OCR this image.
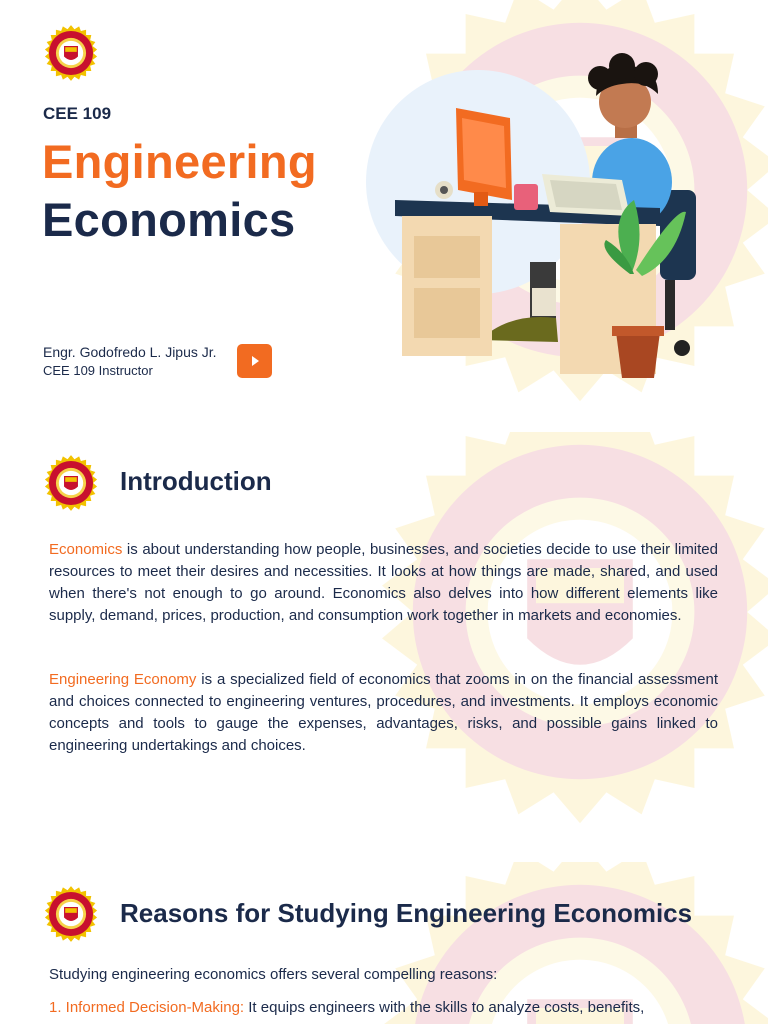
CEE 109

Engineering
Economics

Engr. Godofredo L. Jipus Jr.

CEE 109 Instructor

Introduction

Economics is about understanding how people, businesses, and societies decide to use their limited resources to meet their desires and necessities. It looks at how things are made, shared, and used when there's not enough to go around. Economics also delves into how different elements like supply, demand, prices, production, and consumption work together in markets and economies.

Engineering Economy is a specialized field of economics that zooms in on the financial assessment and choices connected to engineering ventures, procedures, and investments. It employs economic concepts and tools to gauge the expenses, advantages, risks, and possible gains linked to engineering undertakings and choices.

Reasons for Studying Engineering Economics

Studying engineering economics offers several compelling reasons:

1. Informed Decision-Making: It equips engineers with the skills to analyze costs, benefits,
